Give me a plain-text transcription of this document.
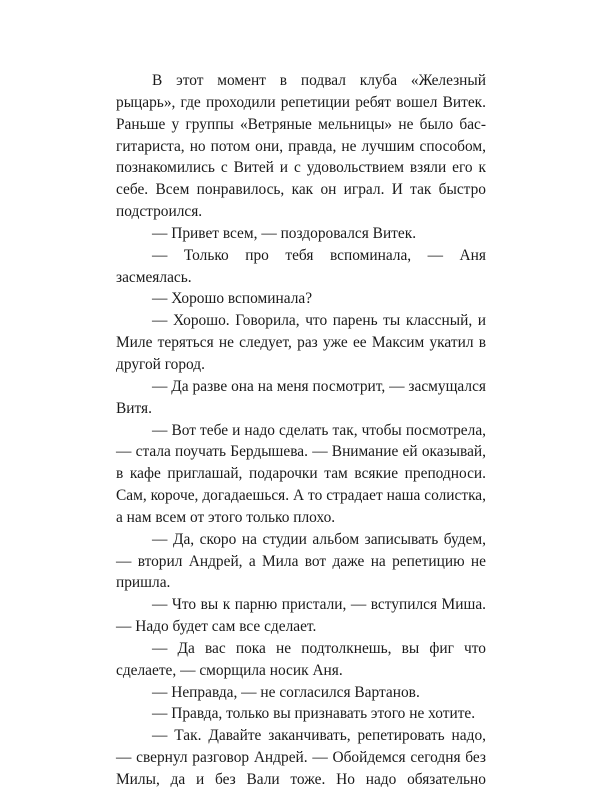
В этот момент в подвал клуба «Железный рыцарь», где проходили репетиции ребят вошел Витек. Раньше у группы «Ветряные мельницы» не было бас-гитариста, но потом они, правда, не лучшим способом, познакомились с Витей и с удовольствием взяли его к себе. Всем понравилось, как он играл. И так быстро подстроился.

— Привет всем, — поздоровался Витек.

— Только про тебя вспоминала, — Аня засмеялась.

— Хорошо вспоминала?

— Хорошо. Говорила, что парень ты классный, и Миле теряться не следует, раз уже ее Максим укатил в другой город.

— Да разве она на меня посмотрит, — засмущался Витя.

— Вот тебе и надо сделать так, чтобы посмотрела, — стала поучать Бердышева. — Внимание ей оказывай, в кафе приглашай, подарочки там всякие преподноси. Сам, короче, догадаешься. А то страдает наша солистка, а нам всем от этого только плохо.

— Да, скоро на студии альбом записывать будем, — вторил Андрей, а Мила вот даже на репетицию не пришла.

— Что вы к парню пристали, — вступился Миша. — Надо будет сам все сделает.

— Да вас пока не подтолкнешь, вы фиг что сделаете, — сморщила носик Аня.

— Неправда, — не согласился Вартанов.

— Правда, только вы признавать этого не хотите.

— Так. Давайте заканчивать, репетировать надо, — свернул разговор Андрей. — Обойдемся сегодня без Милы, да и без Вали тоже. Но надо обязательно
